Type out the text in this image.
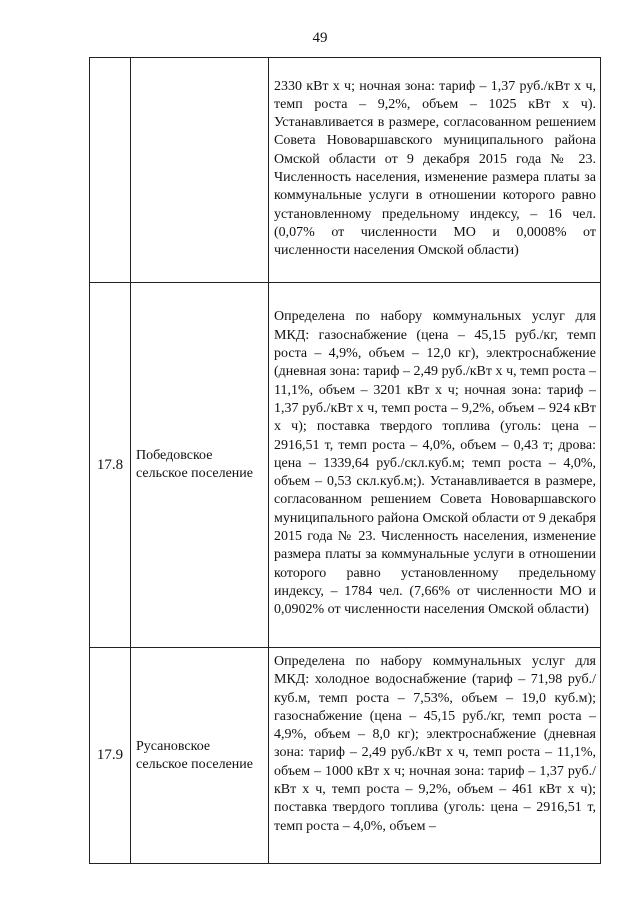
49

		2330 кВт х ч; ночная зона: тариф – 1,37 руб./кВт х ч, темп роста – 9,2%, объем – 1025 кВт х ч). Устанавливается в размере, согласованном решением Совета Нововаршавского муниципального района Омской области от 9 декабря 2015 года № 23. Численность населения, изменение размера платы за коммунальные услуги в отношении которого равно установленному предельному индексу, – 16 чел. (0,07% от численности МО и 0,0008% от численности населения Омской области)

17.8	Победовское сельское поселение	Определена по набору коммунальных услуг для МКД: газоснабжение (цена – 45,15 руб./кг, темп роста – 4,9%, объем – 12,0 кг), электроснабжение (дневная зона: тариф – 2,49 руб./кВт х ч, темп роста – 11,1%, объем – 3201 кВт х ч; ночная зона: тариф – 1,37 руб./кВт х ч, темп роста – 9,2%, объем – 924 кВт х ч); поставка твердого топлива (уголь: цена – 2916,51 т, темп роста – 4,0%, объем – 0,43 т; дрова: цена – 1339,64 руб./скл.куб.м; темп роста – 4,0%, объем – 0,53 скл.куб.м;). Устанавливается в размере, согласованном решением Совета Нововаршавского муниципального района Омской области от 9 декабря 2015 года № 23. Численность населения, изменение размера платы за коммунальные услуги в отношении которого равно установленному предельному индексу, – 1784 чел. (7,66% от численности МО и 0,0902% от численности населения Омской области)

17.9	Русановское сельское поселение	Определена по набору коммунальных услуг для МКД: холодное водоснабжение (тариф – 71,98 руб./куб.м, темп роста – 7,53%, объем – 19,0 куб.м); газоснабжение (цена – 45,15 руб./кг, темп роста – 4,9%, объем – 8,0 кг); электроснабжение (дневная зона: тариф – 2,49 руб./кВт х ч, темп роста – 11,1%, объем – 1000 кВт х ч; ночная зона: тариф – 1,37 руб./кВт х ч, темп роста – 9,2%, объем – 461 кВт х ч); поставка твердого топлива (уголь: цена – 2916,51 т, темп роста – 4,0%, объем –
